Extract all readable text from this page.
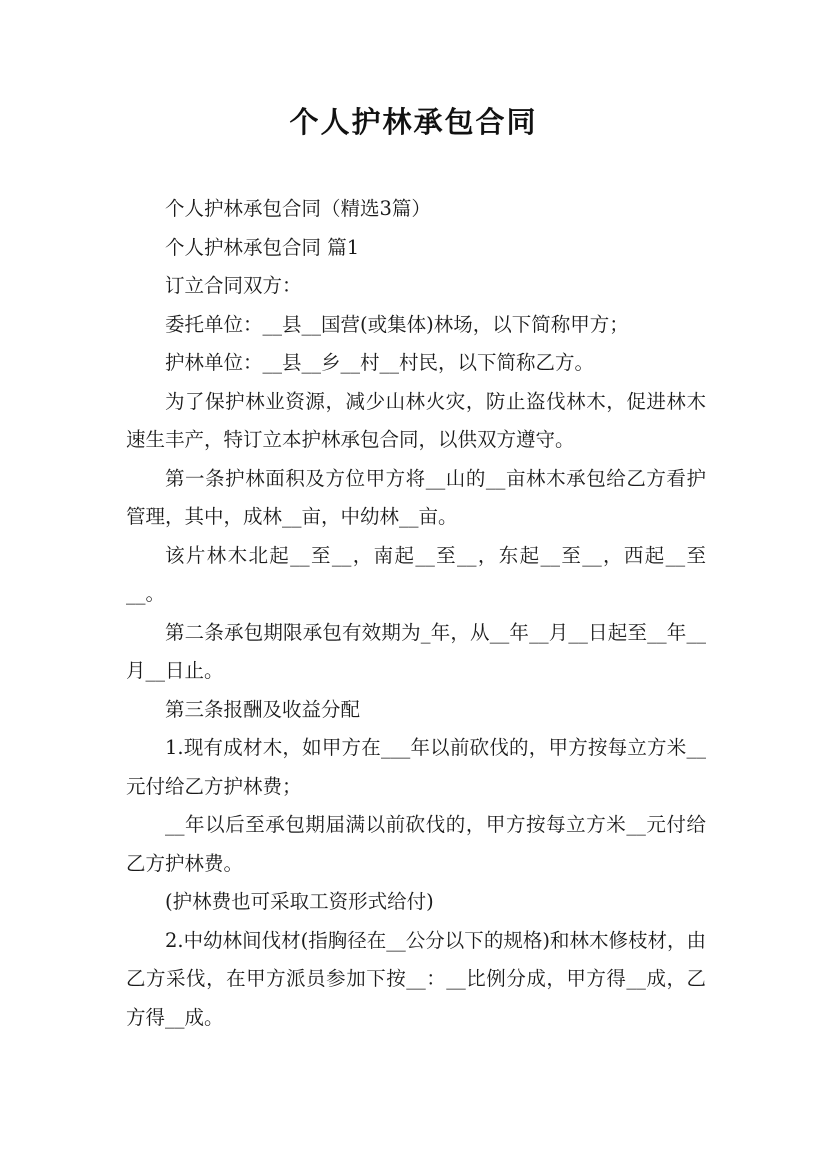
个人护林承包合同

个人护林承包合同（精选3篇）

个人护林承包合同 篇1

订立合同双方：

委托单位：__县__国营(或集体)林场，以下简称甲方；

护林单位：__县__乡__村__村民，以下简称乙方。

为了保护林业资源，减少山林火灾，防止盗伐林木，促进林木速生丰产，特订立本护林承包合同，以供双方遵守。

第一条护林面积及方位甲方将__山的__亩林木承包给乙方看护管理，其中，成林__亩，中幼林__亩。

该片林木北起__至__，南起__至__，东起__至__，西起__至__。

第二条承包期限承包有效期为_年，从__年__月__日起至__年__月__日止。

第三条报酬及收益分配

1.现有成材木，如甲方在___年以前砍伐的，甲方按每立方米__元付给乙方护林费；

__年以后至承包期届满以前砍伐的，甲方按每立方米__元付给乙方护林费。

(护林费也可采取工资形式给付)

2.中幼林间伐材(指胸径在__公分以下的规格)和林木修枝材，由乙方采伐，在甲方派员参加下按__：__比例分成，甲方得__成，乙方得__成。
